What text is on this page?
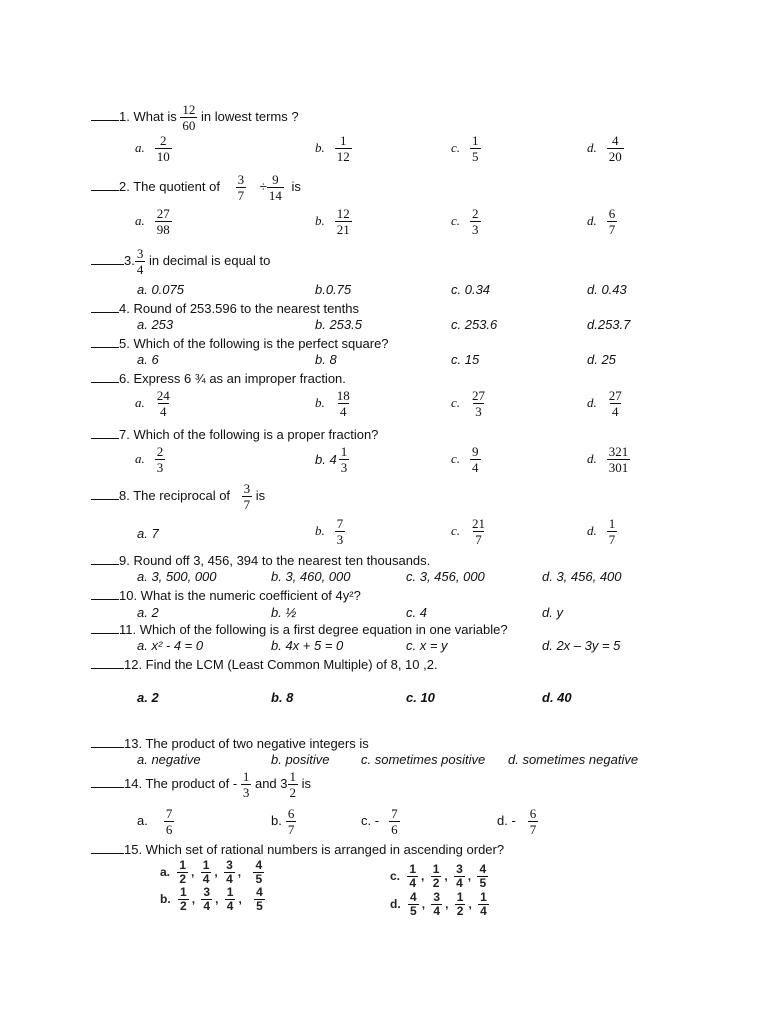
1. What is $\frac{12}{60}$ in lowest terms ?
a. $\frac{2}{10}$	b. $\frac{1}{12}$	c. $\frac{1}{5}$	d. $\frac{4}{20}$
2. The quotient of $\frac{3}{7} \div \frac{9}{14}$ is
a. $\frac{27}{98}$	b. $\frac{12}{21}$	c. $\frac{2}{3}$	d. $\frac{6}{7}$
3. $\frac{3}{4}$ in decimal is equal to
a. 0.075	b.0.75	c. 0.34	d. 0.43
4. Round of 253.596 to the nearest tenths
a. 253	b. 253.5	c. 253.6	d.253.7
5. Which of the following is the perfect square?
a. 6	b. 8	c. 15	d. 25
6. Express 6 ¾ as an improper fraction.
a. $\frac{24}{4}$	b. $\frac{18}{4}$	c. $\frac{27}{3}$	d. $\frac{27}{4}$
7. Which of the following is a proper fraction?
a. $\frac{2}{3}$	b. 4
1
3
c. $\frac{9}{4}$	d. $\frac{321}{301}$
8. The reciprocal of $\frac{3}{7}$ is
a. 7	b. $\frac{7}{3}$	c. $\frac{21}{7}$	d. $\frac{1}{7}$
9. Round off 3, 456, 394 to the nearest ten thousands.
a. 3, 500, 000	b. 3, 460, 000	c. 3, 456, 000	d. 3, 456, 400
10. What is the numeric coefficient of 4y²?
a. 2	b. ½	c. 4	d. y
11. Which of the following is a first degree equation in one variable?
a. x² - 4 = 0	b. 4x + 5 = 0	c. x = y	d. 2x – 3y = 5
12. Find the LCM (Least Common Multiple) of 8, 10 ,2.
a. 2	b. 8	c. 10	d. 40
13. The product of two negative integers is
a. negative	b. positive c. sometimes positive d. sometimes negative
14. The product of - $\frac{1}{3}$ and $3 \frac{1}{2}$ is
a. $\frac{7}{6}$	b. $\frac{6}{7}$	c. - $\frac{7}{6}$	d. - $\frac{6}{7}$
15. Which set of rational numbers is arranged in ascending order?
a. $\frac{1}{2}$ , $\frac{1}{4}$ , $\frac{3}{4}$ , $\frac{4}{5}$
b. $\frac{1}{2}$ , $\frac{3}{4}$ , $\frac{1}{4}$ , $\frac{4}{5}$
c. $\frac{1}{4}$ , $\frac{1}{2}$ , $\frac{3}{4}$ , $\frac{4}{5}$
d. $\frac{4}{5}$ , $\frac{3}{4}$ , $\frac{1}{2}$ , $\frac{1}{4}$
